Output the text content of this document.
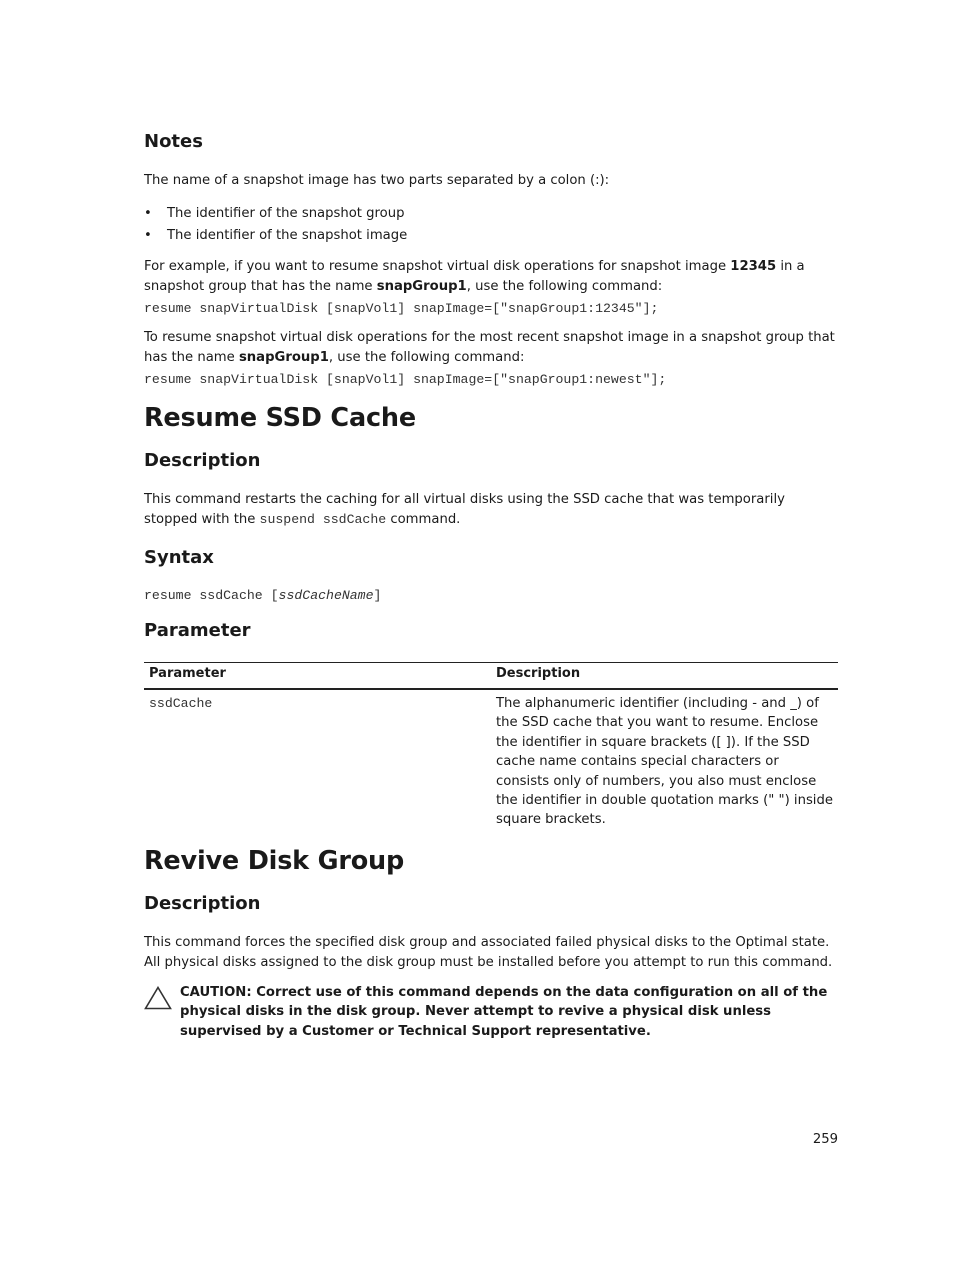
Notes

The name of a snapshot image has two parts separated by a colon (:):

• The identifier of the snapshot group
• The identifier of the snapshot image

For example, if you want to resume snapshot virtual disk operations for snapshot image 12345 in a snapshot group that has the name snapGroup1, use the following command:

resume snapVirtualDisk [snapVol1] snapImage=["snapGroup1:12345"];

To resume snapshot virtual disk operations for the most recent snapshot image in a snapshot group that has the name snapGroup1, use the following command:

resume snapVirtualDisk [snapVol1] snapImage=["snapGroup1:newest"];
Resume SSD Cache
Description

This command restarts the caching for all virtual disks using the SSD cache that was temporarily stopped with the suspend ssdCache command.

Syntax
resume ssdCache [ssdCacheName]
Parameter
Parameter	Description
ssdCache	The alphanumeric identifier (including - and _) of the SSD cache that you want to resume. Enclose the identifier in square brackets ([ ]). If the SSD cache name contains special characters or consists only of numbers, you also must enclose the identifier in double quotation marks (" ") inside square brackets.
Revive Disk Group
Description

This command forces the specified disk group and associated failed physical disks to the Optimal state. All physical disks assigned to the disk group must be installed before you attempt to run this command.

CAUTION: Correct use of this command depends on the data configuration on all of the physical disks in the disk group. Never attempt to revive a physical disk unless supervised by a Customer or Technical Support representative.
259
